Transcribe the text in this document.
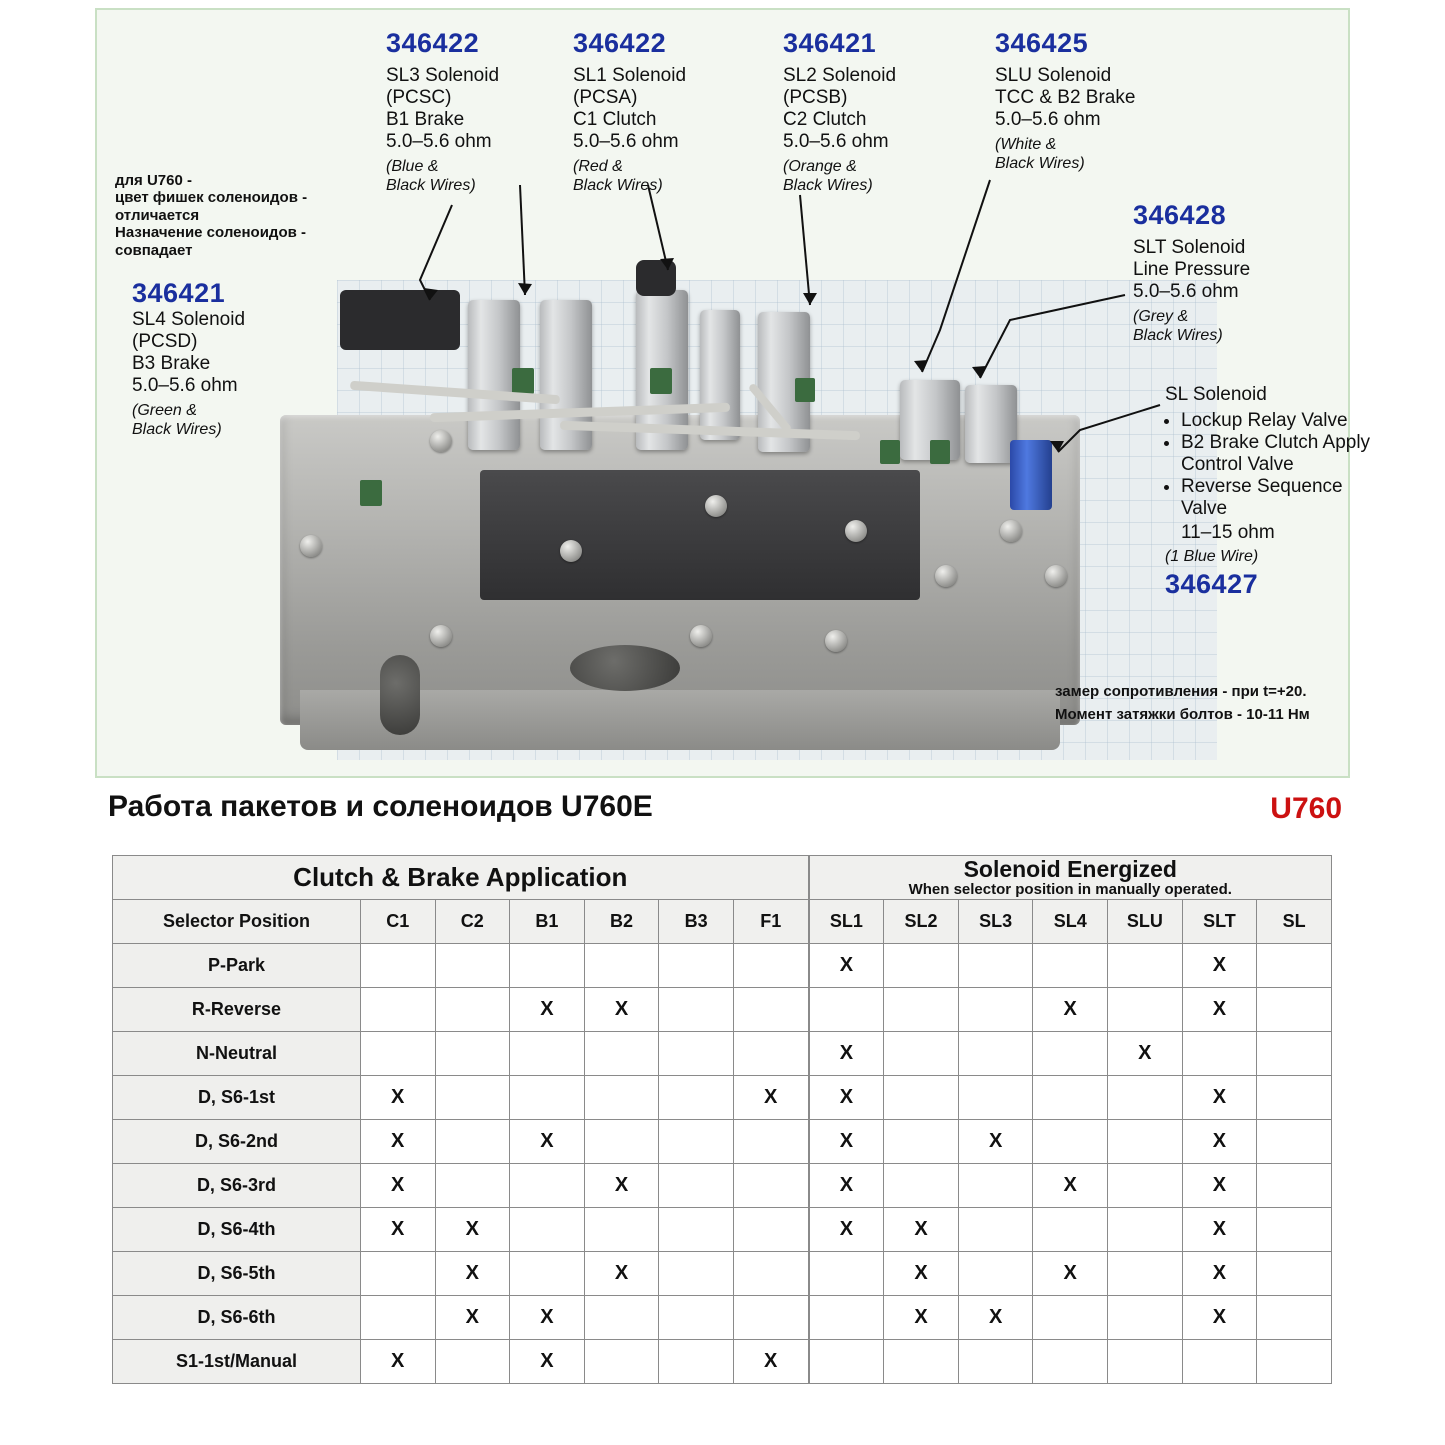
для U760 -
цвет фишек соленоидов - отличается
Назначение соленоидов - совпадает
346421
SL4 Solenoid
(PCSD)
B3 Brake
5.0–5.6 ohm
(Green &
Black Wires)
346422
SL3 Solenoid
(PCSC)
B1 Brake
5.0–5.6 ohm
(Blue &
Black Wires)
346422
SL1 Solenoid
(PCSA)
C1 Clutch
5.0–5.6 ohm
(Red &
Black Wires)
346421
SL2 Solenoid
(PCSB)
C2 Clutch
5.0–5.6 ohm
(Orange &
Black Wires)
346425
SLU Solenoid
TCC & B2 Brake
5.0–5.6 ohm
(White &
Black Wires)
346428
SLT Solenoid
Line Pressure
5.0–5.6 ohm
(Grey &
Black Wires)
SL Solenoid
• Lockup Relay Valve
• B2 Brake Clutch Apply Control Valve
• Reverse Sequence Valve
11–15 ohm
(1 Blue Wire)
346427
замер сопротивления - при t=+20.
Момент затяжки болтов - 10-11 Нм
Работа пакетов и соленоидов U760E	U760
Clutch & Brake Application							Solenoid Energized
When selector position in manually operated.						

Selector Position	C1	C2	B1	B2	B3	F1	SL1	SL2	SL3	SL4	SLU	SLT	SL
P-Park							X					X	
R-Reverse			X	X						X		X	
N-Neutral							X				X		
D, S6-1st	X					X	X					X	
D, S6-2nd	X		X				X		X			X	
D, S6-3rd	X			X			X			X		X	
D, S6-4th	X	X					X	X				X	
D, S6-5th		X		X				X		X		X	
D, S6-6th		X	X					X	X			X	
S1-1st/Manual	X		X			X							
